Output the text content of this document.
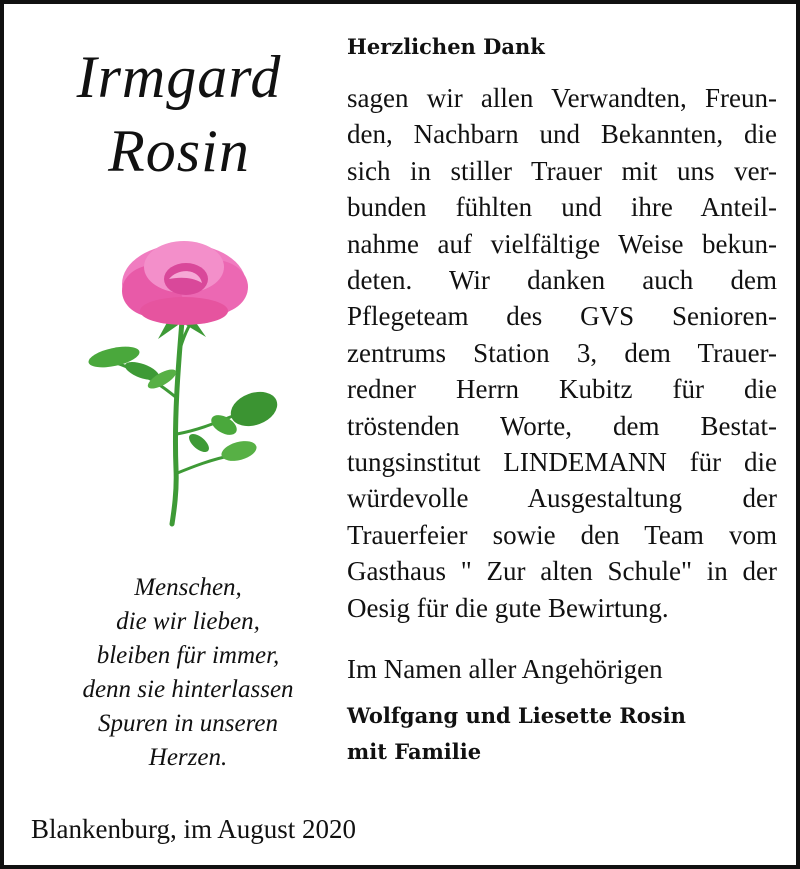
Irmgard
Rosin
Menschen,
die wir lieben,
bleiben für immer,
denn sie hinterlassen
Spuren in unseren
Herzen.
Herzlichen Dank
sagen wir allen Verwandten, Freun-
den, Nachbarn und Bekannten, die
sich in stiller Trauer mit uns ver-
bunden fühlten und ihre Anteil-
nahme auf vielfältige Weise bekun-
deten. Wir danken auch dem
Pflegeteam des GVS Senioren-
zentrums Station 3, dem Trauer-
redner Herrn Kubitz für die
tröstenden Worte, dem Bestat-
tungsinstitut LINDEMANN für die
würdevolle Ausgestaltung der
Trauerfeier sowie den Team vom
Gasthaus " Zur alten Schule" in der
Oesig für die gute Bewirtung.
Im Namen aller Angehörigen
Wolfgang und Liesette Rosin
mit Familie
Blankenburg, im August 2020
